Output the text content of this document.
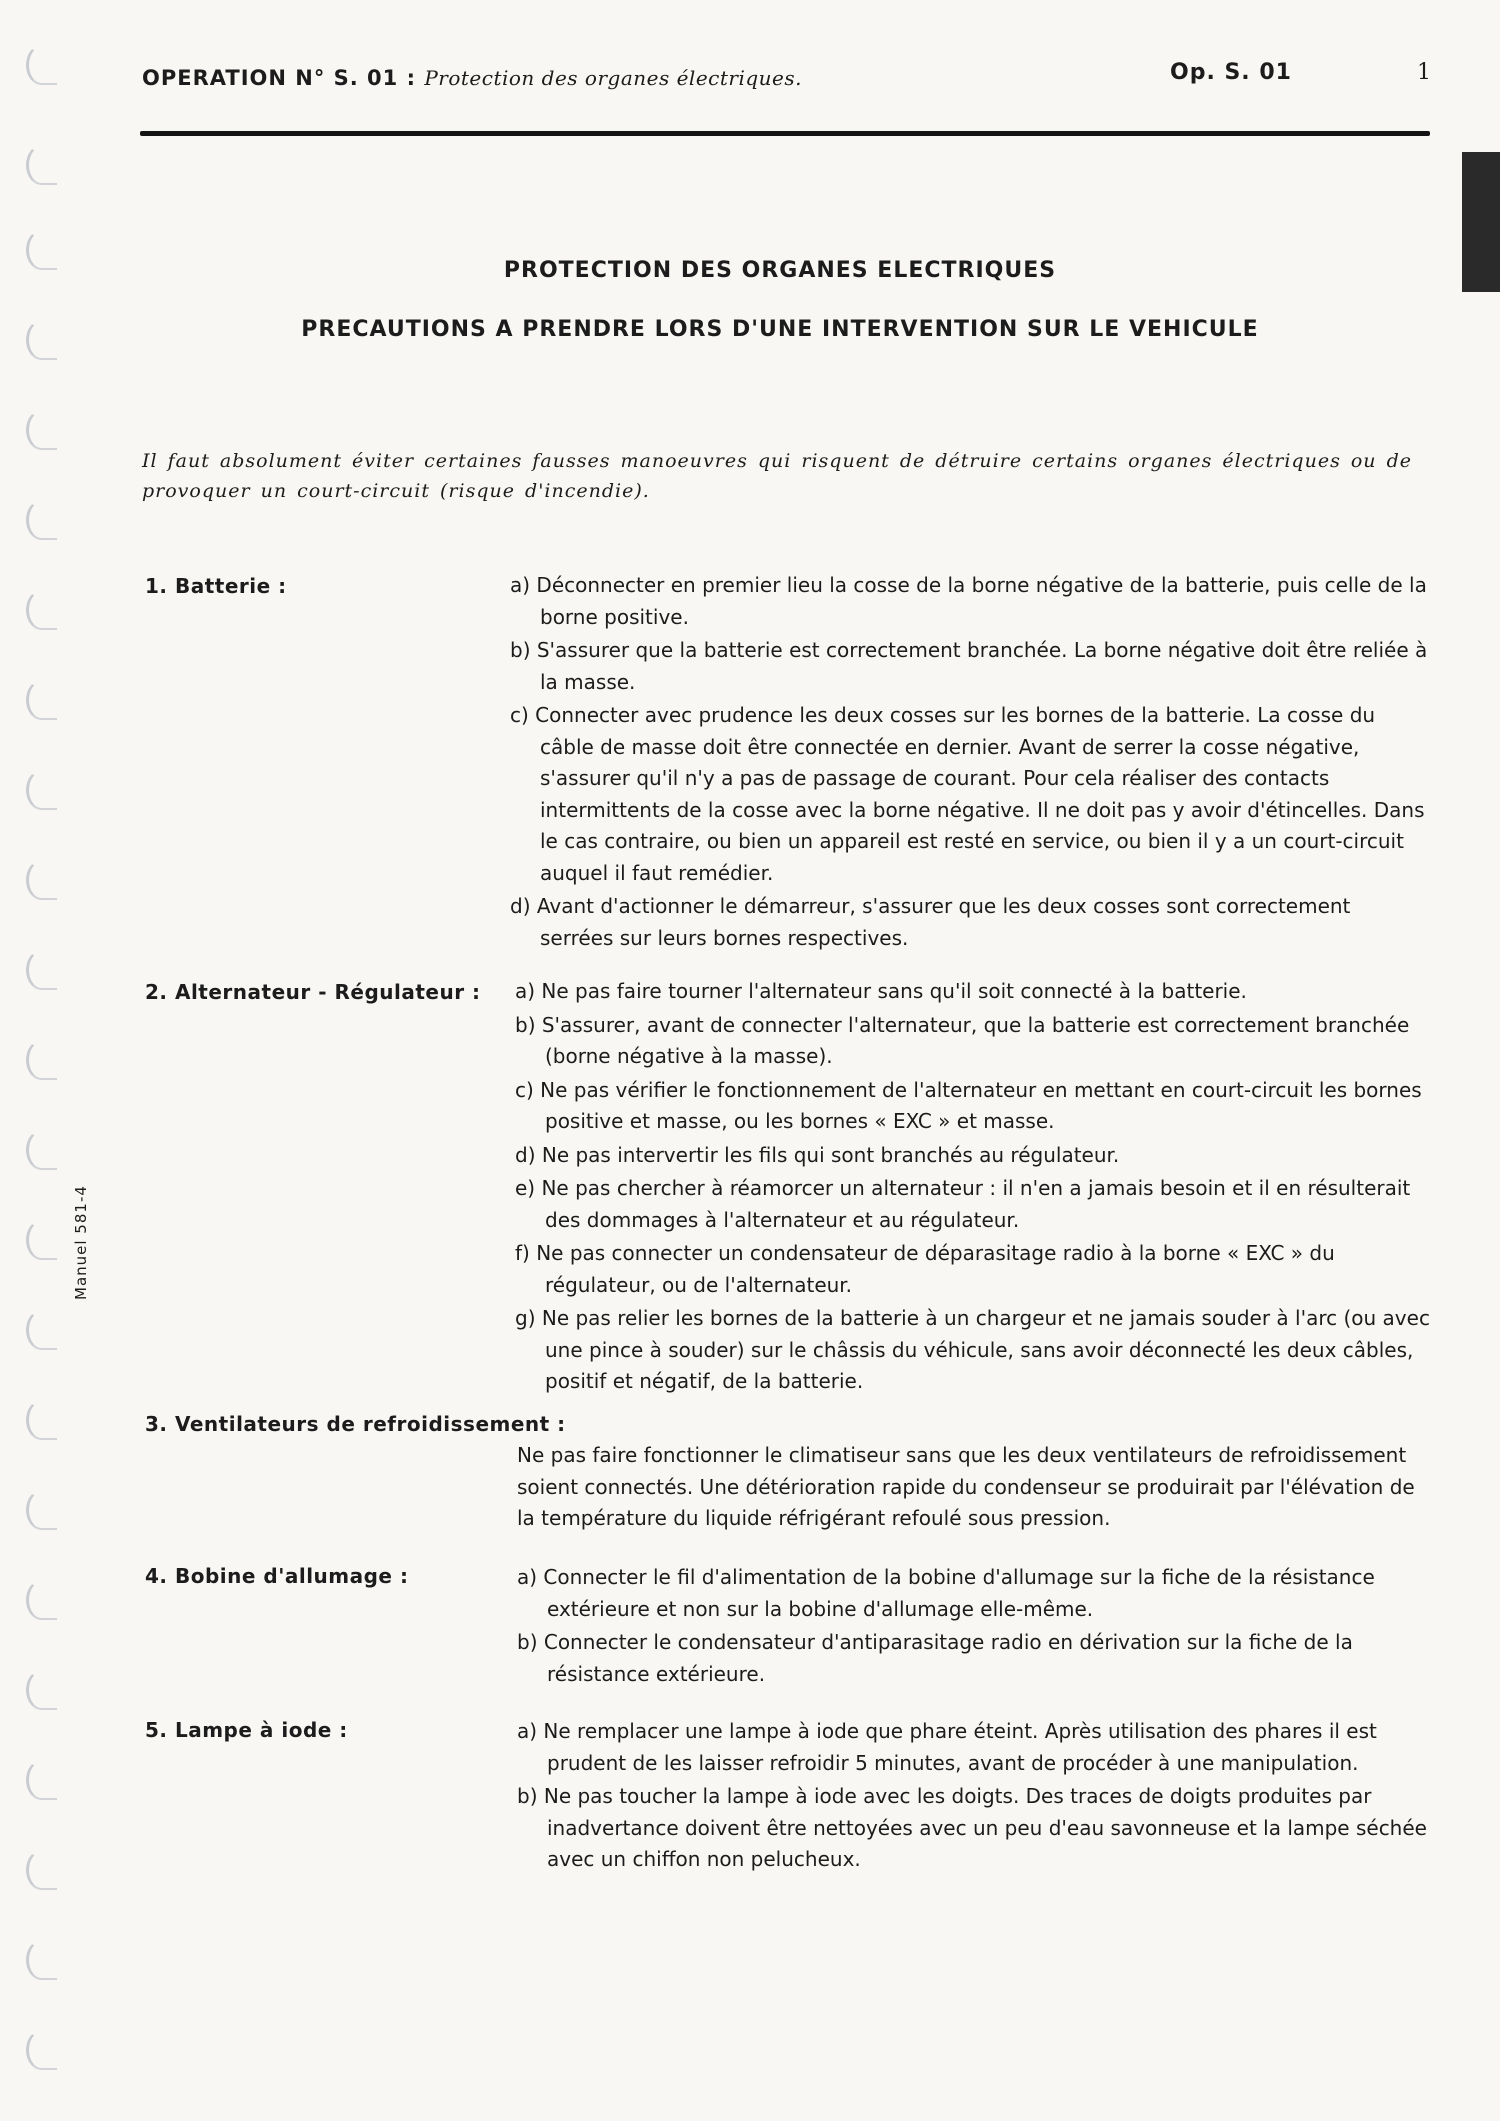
OPERATION N° S. 01 : Protection des organes électriques.	Op. S. 01	1
PROTECTION DES ORGANES ELECTRIQUES
PRECAUTIONS A PRENDRE LORS D'UNE INTERVENTION SUR LE VEHICULE
Il faut absolument éviter certaines fausses manoeuvres qui risquent de détruire certains organes électriques ou de provoquer un court-circuit (risque d'incendie).
1. Batterie :	a) Déconnecter en premier lieu la cosse de la borne négative de la batterie, puis celle de la borne positive.

b) S'assurer que la batterie est correctement branchée. La borne négative doit être reliée à la masse.

c) Connecter avec prudence les deux cosses sur les bornes de la batterie. La cosse du câble de masse doit être connectée en dernier. Avant de serrer la cosse négative, s'assurer qu'il n'y a pas de passage de courant. Pour cela réaliser des contacts intermittents de la cosse avec la borne négative. Il ne doit pas y avoir d'étincelles. Dans le cas contraire, ou bien un appareil est resté en service, ou bien il y a un court-circuit auquel il faut remédier.

d) Avant d'actionner le démarreur, s'assurer que les deux cosses sont correctement serrées sur leurs bornes respectives.

2. Alternateur - Régulateur : a) Ne pas faire tourner l'alternateur sans qu'il soit connecté à la batterie.

b) S'assurer, avant de connecter l'alternateur, que la batterie est correctement branchée (borne négative à la masse).

c) Ne pas vérifier le fonctionnement de l'alternateur en mettant en court-circuit les bornes positive et masse, ou les bornes « EXC » et masse.

d) Ne pas intervertir les fils qui sont branchés au régulateur.

e) Ne pas chercher à réamorcer un alternateur : il n'en a jamais besoin et il en résulterait des dommages à l'alternateur et au régulateur.

f) Ne pas connecter un condensateur de déparasitage radio à la borne « EXC » du régulateur, ou de l'alternateur.

g) Ne pas relier les bornes de la batterie à un chargeur et ne jamais souder à l'arc (ou avec une pince à souder) sur le châssis du véhicule, sans avoir déconnecté les deux câbles, positif et négatif, de la batterie.

3. Ventilateurs de refroidissement :
Ne pas faire fonctionner le climatiseur sans que les deux ventilateurs de refroidissement soient connectés. Une détérioration rapide du condenseur se produirait par l'élévation de la température du liquide réfrigérant refoulé sous pression.
4. Bobine d'allumage :	a) Connecter le fil d'alimentation de la bobine d'allumage sur la fiche de la résistance extérieure et non sur la bobine d'allumage elle-même.

b) Connecter le condensateur d'antiparasitage radio en dérivation sur la fiche de la résistance extérieure.

5. Lampe à iode :	a) Ne remplacer une lampe à iode que phare éteint. Après utilisation des phares il est prudent de les laisser refroidir 5 minutes, avant de procéder à une manipulation.

b) Ne pas toucher la lampe à iode avec les doigts. Des traces de doigts produites par inadvertance doivent être nettoyées avec un peu d'eau savonneuse et la lampe séchée avec un chiffon non pelucheux.

Manuel 581-4
